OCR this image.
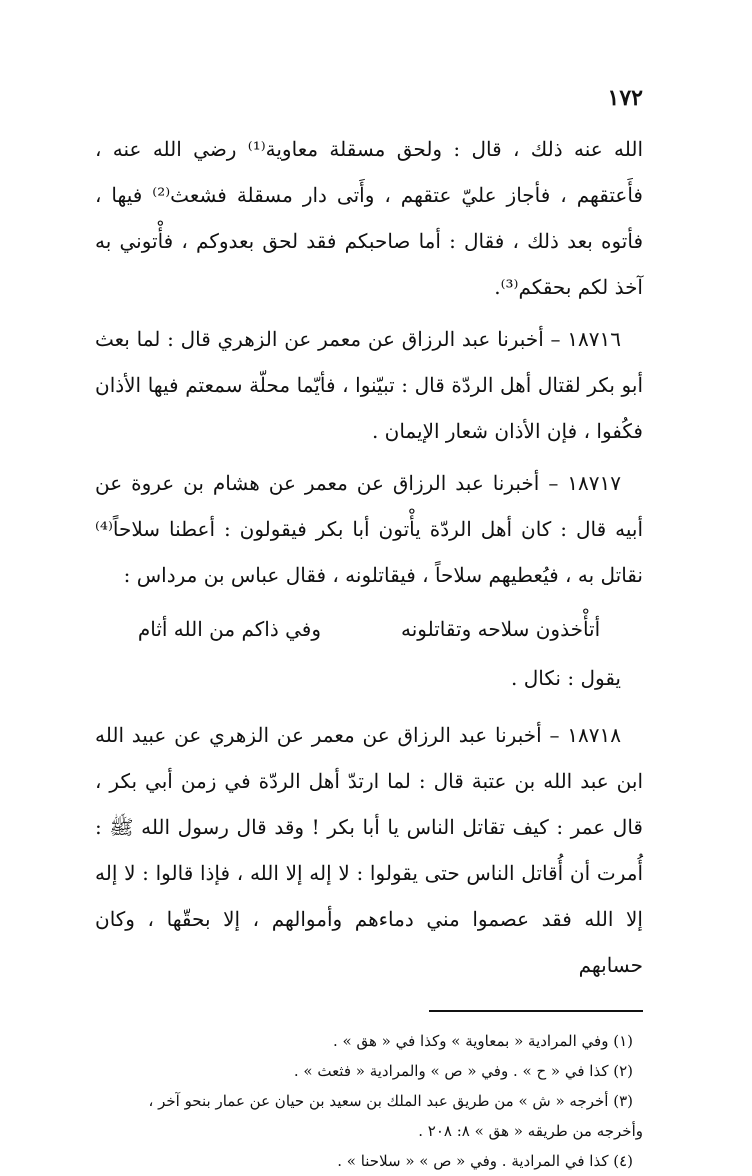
١٧٢

الله عنه ذلك ، قال : ولحق مسقلة معاوية⁽¹⁾ رضي الله عنه ، فأَعتقهم ، فأجاز عليّ عتقهم ، وأَتى دار مسقلة فشعث⁽²⁾ فيها ، فأتوه بعد ذلك ، فقال : أما صاحبكم فقد لحق بعدوكم ، فأْتوني به آخذ لكم بحقكم⁽³⁾.

١٨٧١٦ – أخبرنا عبد الرزاق عن معمر عن الزهري قال : لما بعث أبو بكر لقتال أهل الردّة قال : تبيّنوا ، فأيّما محلّة سمعتم فيها الأذان فكُفوا ، فإن الأذان شعار الإيمان .

١٨٧١٧ – أخبرنا عبد الرزاق عن معمر عن هشام بن عروة عن أبيه قال : كان أهل الردّة يأْتون أبا بكر فيقولون : أعطنا سلاحاً⁽⁴⁾ نقاتل به ، فيُعطيهم سلاحاً ، فيقاتلونه ، فقال عباس بن مرداس :

أتأْخذون سلاحه وتقاتلونه
وفي ذاكم من الله أثام

يقول : نكال .

١٨٧١٨ – أخبرنا عبد الرزاق عن معمر عن الزهري عن عبيد الله ابن عبد الله بن عتبة قال : لما ارتدّ أهل الردّة في زمن أبي بكر ، قال عمر : كيف تقاتل الناس يا أبا بكر ! وقد قال رسول الله ﷺ : أُمرت أن أُقاتل الناس حتى يقولوا : لا إله إلا الله ، فإذا قالوا : لا إله إلا الله فقد عصموا مني دماءهم وأموالهم ، إلا بحقّها ، وكان حسابهم

(١) وفي المرادية « بمعاوية » وكذا في « هق » .

(٢) كذا في « ح » . وفي « ص » والمرادية « فثعث » .

(٣) أخرجه « ش » من طريق عبد الملك بن سعيد بن حيان عن عمار بنحو آخر ،

وأخرجه من طريقه « هق » ٨: ٢٠٨ .

(٤) كذا في المرادية . وفي « ص » « سلاحنا » .
